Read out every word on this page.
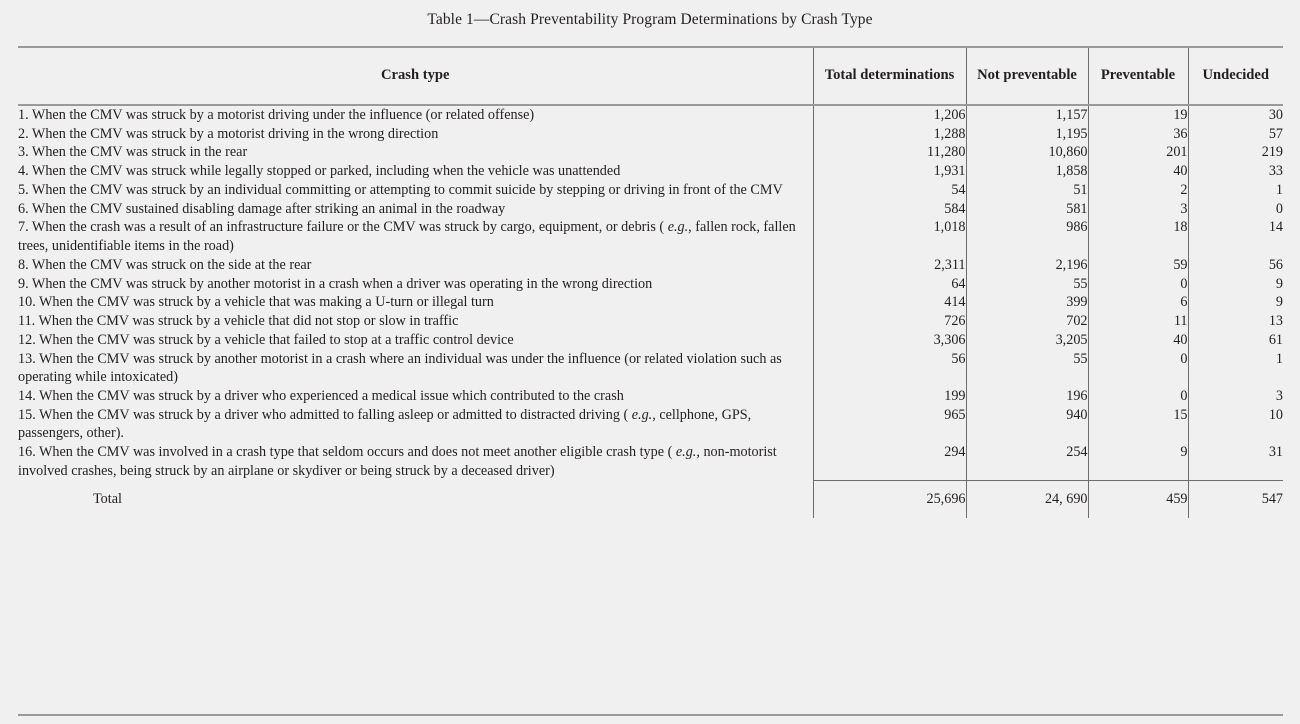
Table 1—Crash Preventability Program Determinations by Crash Type
Crash type	Total determinations	Not preventable	Preventable	Undecided
1. When the CMV was struck by a motorist driving under the influence (or related offense)	1,206	1,157	19	30
2. When the CMV was struck by a motorist driving in the wrong direction	1,288	1,195	36	57
3. When the CMV was struck in the rear	11,280	10,860	201	219
4. When the CMV was struck while legally stopped or parked, including when the vehicle was unattended	1,931	1,858	40	33
5. When the CMV was struck by an individual committing or attempting to commit suicide by stepping or driving in front of the CMV	54	51	2	1
6. When the CMV sustained disabling damage after striking an animal in the roadway	584	581	3	0
7. When the crash was a result of an infrastructure failure or the CMV was struck by cargo, equipment, or debris ( e.g., fallen rock, fallen trees, unidentifiable items in the road)	1,018	986	18	14
8. When the CMV was struck on the side at the rear	2,311	2,196	59	56
9. When the CMV was struck by another motorist in a crash when a driver was operating in the wrong direction	64	55	0	9
10. When the CMV was struck by a vehicle that was making a U-turn or illegal turn	414	399	6	9
11. When the CMV was struck by a vehicle that did not stop or slow in traffic	726	702	11	13
12. When the CMV was struck by a vehicle that failed to stop at a traffic control device	3,306	3,205	40	61
13. When the CMV was struck by another motorist in a crash where an individual was under the influence (or related violation such as operating while intoxicated)	56	55	0	1
14. When the CMV was struck by a driver who experienced a medical issue which contributed to the crash	199	196	0	3
15. When the CMV was struck by a driver who admitted to falling asleep or admitted to distracted driving ( e.g., cellphone, GPS, passengers, other).	965	940	15	10
16. When the CMV was involved in a crash type that seldom occurs and does not meet another eligible crash type ( e.g., non-motorist involved crashes, being struck by an airplane or skydiver or being struck by a deceased driver)	294	254	9	31
Total	25,696	24, 690	459	547
